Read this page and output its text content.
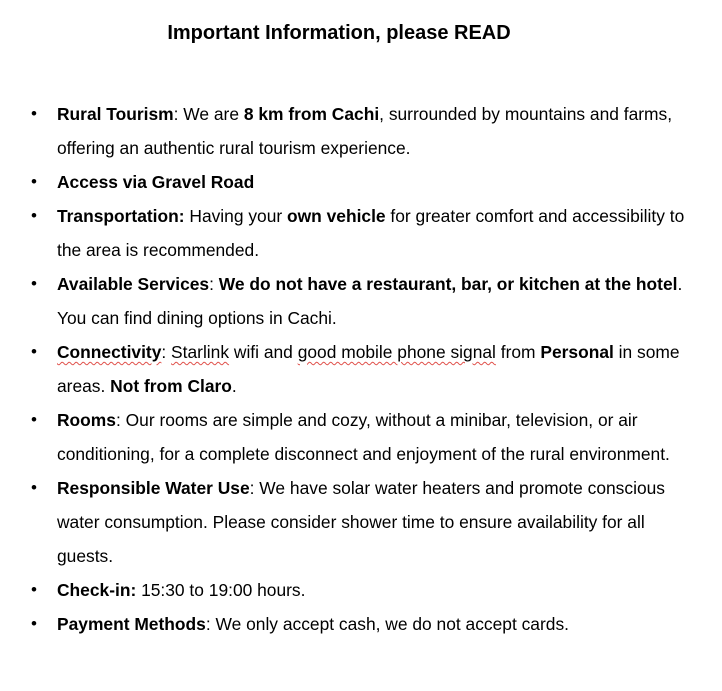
Important Information, please READ
• Rural Tourism: We are 8 km from Cachi, surrounded by mountains and farms, offering an authentic rural tourism experience.
• Access via Gravel Road
• Transportation: Having your own vehicle for greater comfort and accessibility to the area is recommended.
• Available Services: We do not have a restaurant, bar, or kitchen at the hotel. You can find dining options in Cachi.
• Connectivity: Starlink wifi and good mobile phone signal from Personal in some areas. Not from Claro.
• Rooms: Our rooms are simple and cozy, without a minibar, television, or air conditioning, for a complete disconnect and enjoyment of the rural environment.
• Responsible Water Use: We have solar water heaters and promote conscious water consumption. Please consider shower time to ensure availability for all guests.
• Check-in: 15:30 to 19:00 hours.
• Payment Methods: We only accept cash, we do not accept cards.
